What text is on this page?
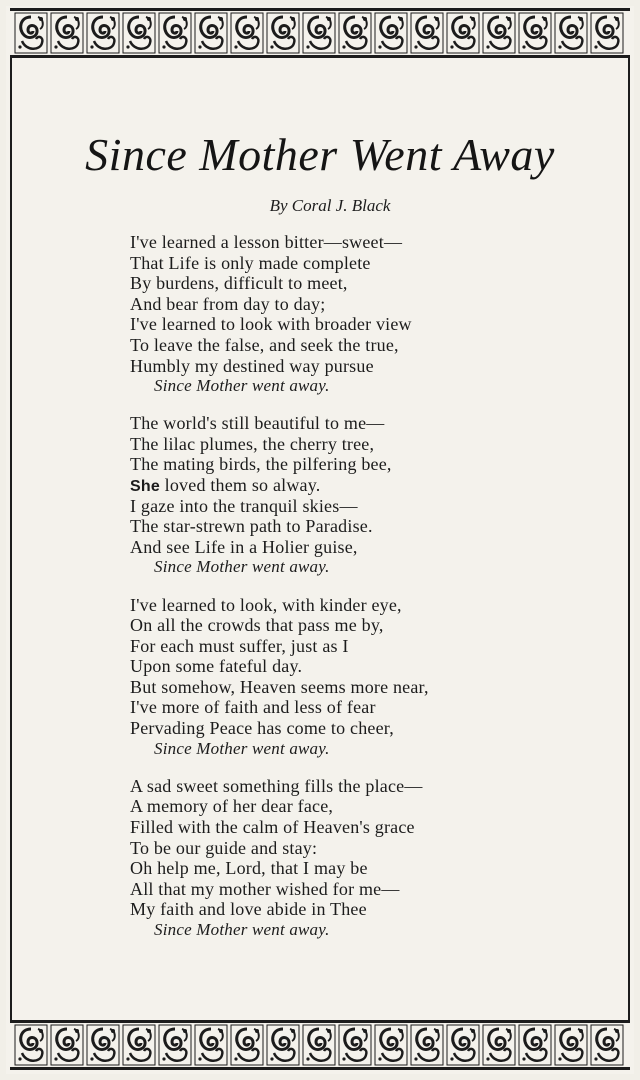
Since Mother Went Away
By Coral J. Black
I've learned a lesson bitter—sweet—
That Life is only made complete
By burdens, difficult to meet,
And bear from day to day;
I've learned to look with broader view
To leave the false, and seek the true,
Humbly my destined way pursue
Since Mother went away.
The world's still beautiful to me—
The lilac plumes, the cherry tree,
The mating birds, the pilfering bee,
She loved them so alway.
I gaze into the tranquil skies—
The star-strewn path to Paradise.
And see Life in a Holier guise,
Since Mother went away.
I've learned to look, with kinder eye,
On all the crowds that pass me by,
For each must suffer, just as I
Upon some fateful day.
But somehow, Heaven seems more near,
I've more of faith and less of fear
Pervading Peace has come to cheer,
Since Mother went away.
A sad sweet something fills the place—
A memory of her dear face,
Filled with the calm of Heaven's grace
To be our guide and stay:
Oh help me, Lord, that I may be
All that my mother wished for me—
My faith and love abide in Thee
Since Mother went away.
